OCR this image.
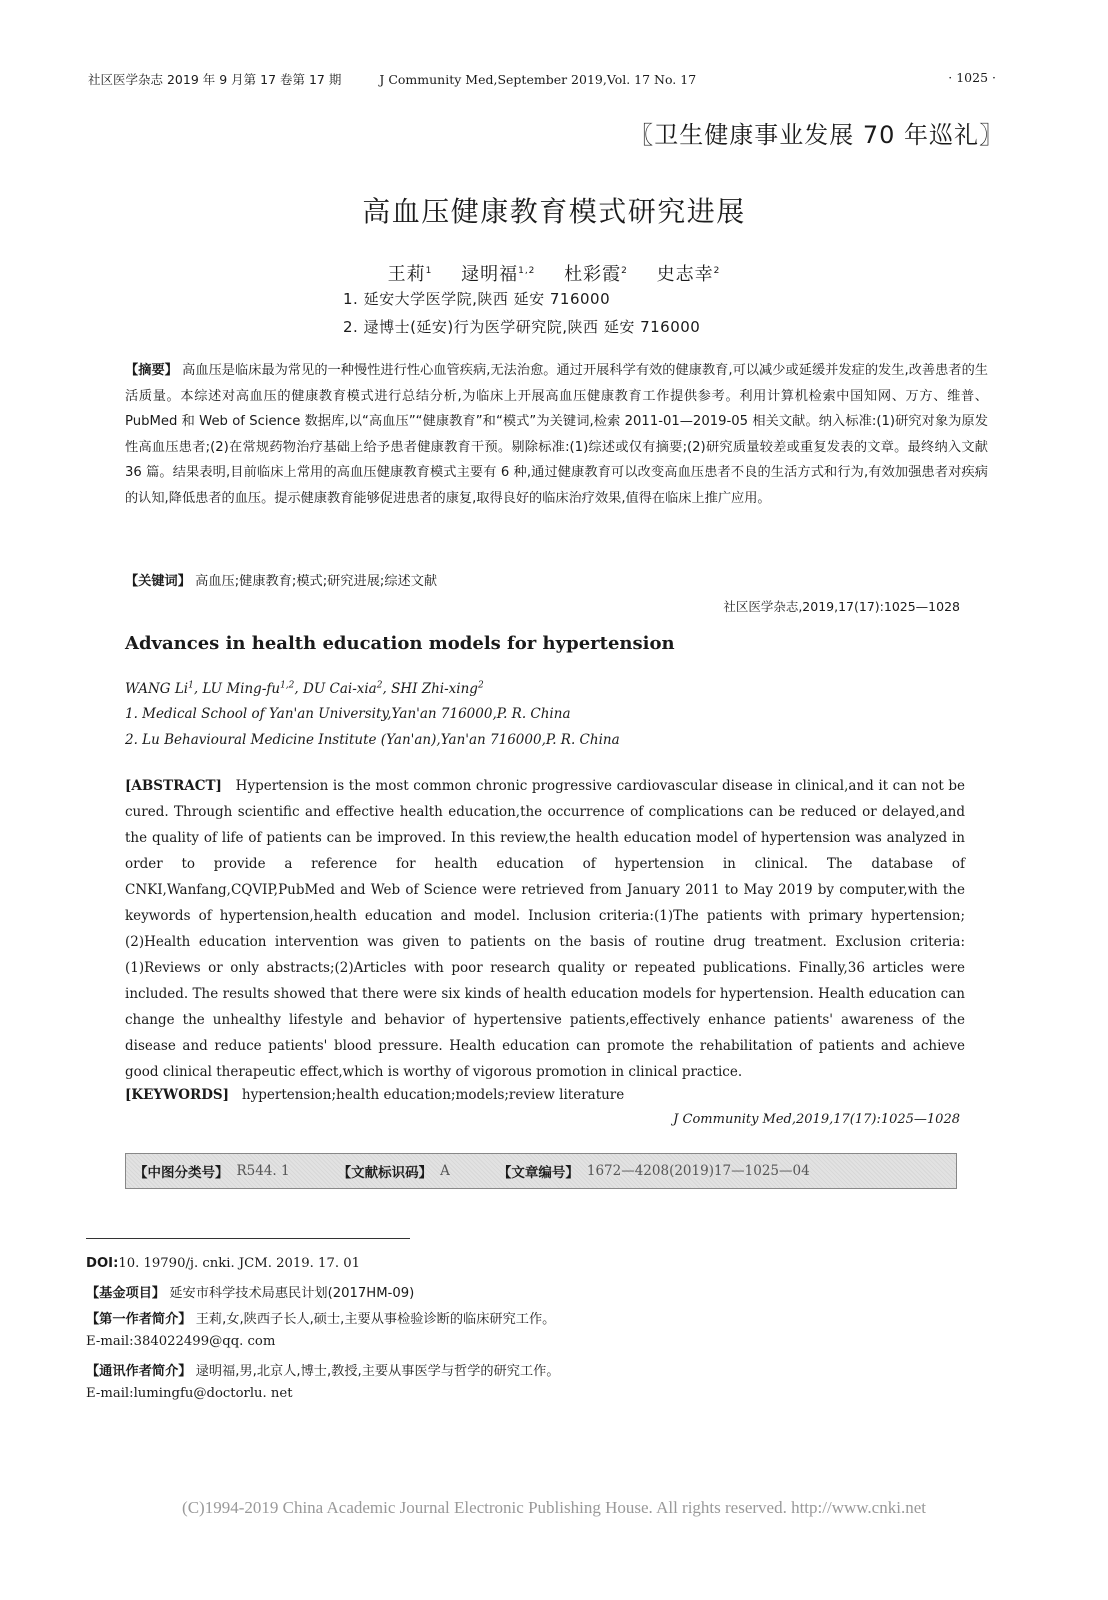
社区医学杂志 2019 年 9 月第 17 卷第 17 期	J Community Med,September 2019,Vol. 17 No. 17	· 1025 ·
〖卫生健康事业发展 70 年巡礼〗
高血压健康教育模式研究进展
王莉$^1$ 逯明福$^{1,2}$ 杜彩霞$^2$ 史志幸$^2$
1. 延安大学医学院,陕西 延安 716000
2. 逯博士(延安)行为医学研究院,陕西 延安 716000
【摘要】 高血压是临床最为常见的一种慢性进行性心血管疾病,无法治愈。通过开展科学有效的健康教育,可以减少或延缓并发症的发生,改善患者的生活质量。本综述对高血压的健康教育模式进行总结分析,为临床上开展高血压健康教育工作提供参考。利用计算机检索中国知网、万方、维普、PubMed 和 Web of Science 数据库,以“高血压”“健康教育”和“模式”为关键词,检索 2011-01—2019-05 相关文献。纳入标准:(1)研究对象为原发性高血压患者;(2)在常规药物治疗基础上给予患者健康教育干预。剔除标准:(1)综述或仅有摘要;(2)研究质量较差或重复发表的文章。最终纳入文献 36 篇。结果表明,目前临床上常用的高血压健康教育模式主要有 6 种,通过健康教育可以改变高血压患者不良的生活方式和行为,有效加强患者对疾病的认知,降低患者的血压。提示健康教育能够促进患者的康复,取得良好的临床治疗效果,值得在临床上推广应用。
【关键词】 高血压;健康教育;模式;研究进展;综述文献
社区医学杂志,2019,17(17):1025—1028
Advances in health education models for hypertension
WANG Li$^1$, LU Ming-fu$^{1,2}$, DU Cai-xia$^2$, SHI Zhi-xing$^2$
1. Medical School of Yan'an University,Yan'an 716000,P. R. China
2. Lu Behavioural Medicine Institute (Yan'an),Yan'an 716000,P. R. China
[ABSTRACT] Hypertension is the most common chronic progressive cardiovascular disease in clinical,and it can not be cured. Through scientific and effective health education,the occurrence of complications can be reduced or delayed,and the quality of life of patients can be improved. In this review,the health education model of hypertension was analyzed in order to provide a reference for health education of hypertension in clinical. The database of CNKI,Wanfang,CQVIP,PubMed and Web of Science were retrieved from January 2011 to May 2019 by computer,with the keywords of hypertension,health education and model. Inclusion criteria:(1)The patients with primary hypertension;(2)Health education intervention was given to patients on the basis of routine drug treatment. Exclusion criteria:(1)Reviews or only abstracts;(2)Articles with poor research quality or repeated publications. Finally,36 articles were included. The results showed that there were six kinds of health education models for hypertension. Health education can change the unhealthy lifestyle and behavior of hypertensive patients,effectively enhance patients' awareness of the disease and reduce patients' blood pressure. Health education can promote the rehabilitation of patients and achieve good clinical therapeutic effect,which is worthy of vigorous promotion in clinical practice.
[KEYWORDS] hypertension;health education;models;review literature
J Community Med,2019,17(17):1025—1028
【中图分类号】 R544. 1	【文献标识码】 A	【文章编号】 1672—4208(2019)17—1025—04
DOI:10. 19790/j. cnki. JCM. 2019. 17. 01
【基金项目】 延安市科学技术局惠民计划(2017HM-09)
【第一作者简介】 王莉,女,陕西子长人,硕士,主要从事检验诊断的临床研究工作。
E-mail:384022499@qq. com
【通讯作者简介】 逯明福,男,北京人,博士,教授,主要从事医学与哲学的研究工作。
E-mail:lumingfu@doctorlu. net
(C)1994-2019 China Academic Journal Electronic Publishing House. All rights reserved. http://www.cnki.net
